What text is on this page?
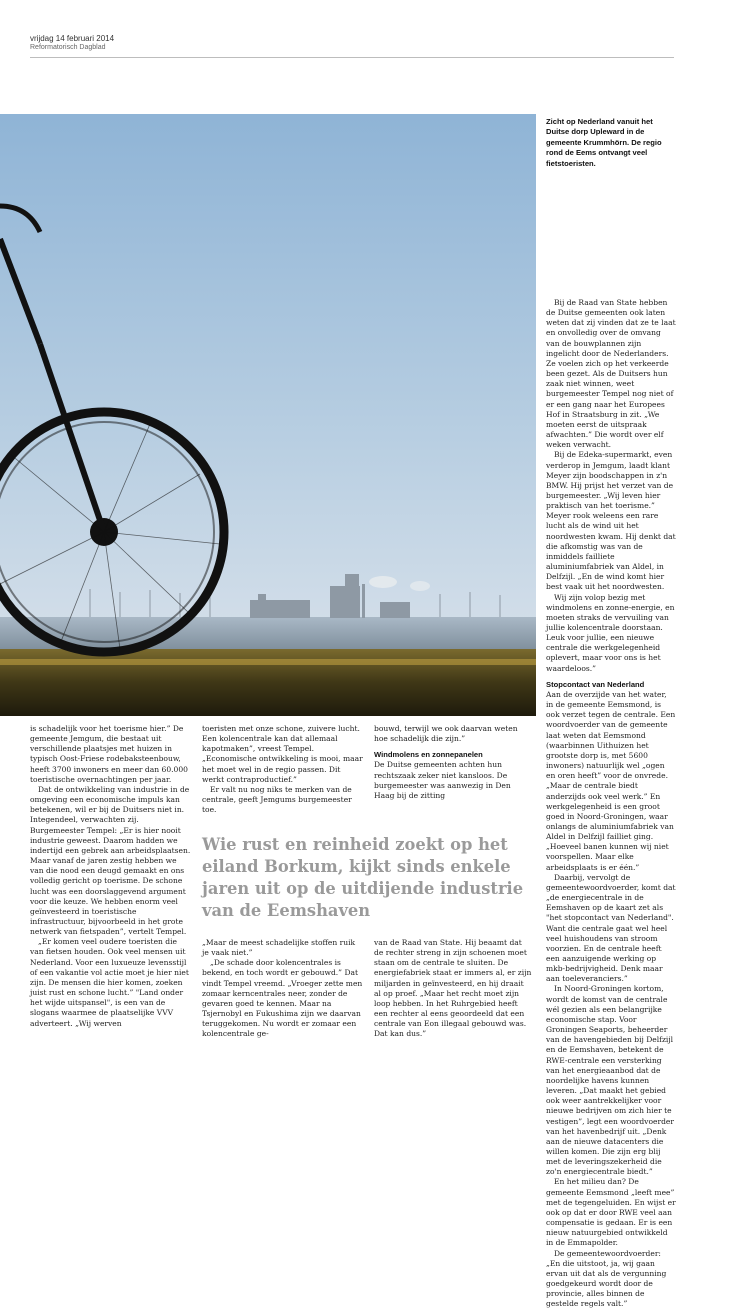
vrijdag 14 februari 2014
Reformatorisch Dagblad
Zicht op Nederland vanuit het Duitse dorp Upleward in de gemeente Krummhörn. De regio rond de Eems ontvangt veel fietstoeristen.

Bij de Raad van State hebben de Duitse gemeenten ook laten weten dat zij vinden dat ze te laat en onvolledig over de omvang van de bouwplannen zijn ingelicht door de Nederlanders. Ze voelen zich op het verkeerde been gezet. Als de Duitsers hun zaak niet winnen, weet burgemeester Tempel nog niet of er een gang naar het Europees Hof in Straatsburg in zit. „We moeten eerst de uitspraak afwachten.” Die wordt over elf weken verwacht.

Bij de Edeka-supermarkt, even verderop in Jemgum, laadt klant Meyer zijn boodschappen in z'n BMW. Hij prijst het verzet van de burgemeester. „Wij leven hier praktisch van het toerisme.” Meyer rook weleens een rare lucht als de wind uit het noordwesten kwam. Hij denkt dat die afkomstig was van de inmiddels failliete aluminiumfabriek van Aldel, in Delfzijl. „En de wind komt hier best vaak uit het noordwesten.

Wij zijn volop bezig met windmolens en zonne-energie, en moeten straks de vervuiling van jullie kolencentrale doorstaan. Leuk voor jullie, een nieuwe centrale die werkgelegenheid oplevert, maar voor ons is het waardeloos.”

Stopcontact van Nederland

Aan de overzijde van het water, in de gemeente Eemsmond, is ook verzet tegen de centrale. Een woordvoerder van de gemeente laat weten dat Eemsmond (waarbinnen Uithuizen het grootste dorp is, met 5600 inwoners) natuurlijk wel „ogen en oren heeft” voor de onvrede. „Maar de centrale biedt anderzijds ook veel werk.” En werkgelegenheid is een groot goed in Noord-Groningen, waar onlangs de aluminiumfabriek van Aldel in Delfzijl failliet ging. „Hoeveel banen kunnen wij niet voorspellen. Maar elke arbeidsplaats is er één.”

Daarbij, vervolgt de gemeentewoordvoerder, komt dat „de energiecentrale in de Eemshaven op de kaart zet als "het stopcontact van Nederland". Want die centrale gaat wel heel veel huishoudens van stroom voorzien. En de centrale heeft een aanzuigende werking op mkb-bedrijvigheid. Denk maar aan toeleveranciers.”

In Noord-Groningen kortom, wordt de komst van de centrale wél gezien als een belangrijke economische stap. Voor Groningen Seaports, beheerder van de havengebieden bij Delfzijl en de Eemshaven, betekent de RWE-centrale een versterking van het energieaanbod dat de noordelijke havens kunnen leveren. „Dat maakt het gebied ook weer aantrekkelijker voor nieuwe bedrijven om zich hier te vestigen”, legt een woordvoerder van het havenbedrijf uit. „Denk aan de nieuwe datacenters die willen komen. Die zijn erg blij met de leveringszekerheid die zo'n energiecentrale biedt.”

En het milieu dan? De gemeente Eemsmond „leeft mee” met de tegengeluiden. En wijst er ook op dat er door RWE veel aan compensatie is gedaan. Er is een nieuw natuurgebied ontwikkeld in de Emmapolder.

De gemeentewoordvoerder: „En die uitstoot, ja, wij gaan ervan uit dat als de vergunning goedgekeurd wordt door de provincie, alles binnen de gestelde regels valt.”

is schadelijk voor het toerisme hier.” De gemeente Jemgum, die bestaat uit verschillende plaatsjes met huizen in typisch Oost-Friese rodebaksteenbouw, heeft 3700 inwoners en meer dan 60.000 toeristische overnachtingen per jaar.

Dat de ontwikkeling van industrie in de omgeving een economische impuls kan betekenen, wil er bij de Duitsers niet in. Integendeel, verwachten zij. Burgemeester Tempel: „Er is hier nooit industrie geweest. Daarom hadden we indertijd een gebrek aan arbeidsplaatsen. Maar vanaf de jaren zestig hebben we van die nood een deugd gemaakt en ons volledig gericht op toerisme. De schone lucht was een doorslaggevend argument voor die keuze. We hebben enorm veel geïnvesteerd in toeristische infrastructuur, bijvoorbeeld in het grote netwerk van fietspaden”, vertelt Tempel.

„Er komen veel oudere toeristen die van fietsen houden. Ook veel mensen uit Nederland. Voor een luxueuze levensstijl of een vakantie vol actie moet je hier niet zijn. De mensen die hier komen, zoeken juist rust en schone lucht.” "Land onder het wijde uitspansel", is een van de slogans waarmee de plaatselijke VVV adverteert. „Wij werven

toeristen met onze schone, zuivere lucht. Een kolencentrale kan dat allemaal kapotmaken”, vreest Tempel. „Economische ontwikkeling is mooi, maar het moet wel in de regio passen. Dit werkt contraproductief.”

Er valt nu nog niks te merken van de centrale, geeft Jemgums burgemeester toe.

bouwd, terwijl we ook daarvan weten hoe schadelijk die zijn.”

Windmolens en zonnepanelen

De Duitse gemeenten achten hun rechtszaak zeker niet kansloos. De burgemeester was aanwezig in Den Haag bij de zitting

Wie rust en reinheid zoekt op het eiland Borkum, kijkt sinds enkele jaren uit op de uitdijende industrie van de Eemshaven

„Maar de meest schadelijke stoffen ruik je vaak niet.”

„De schade door kolencentrales is bekend, en toch wordt er gebouwd.” Dat vindt Tempel vreemd. „Vroeger zette men zomaar kerncentrales neer, zonder de gevaren goed te kennen. Maar na Tsjernobyl en Fukushima zijn we daarvan teruggekomen. Nu wordt er zomaar een kolencentrale ge-

van de Raad van State. Hij beaamt dat de rechter streng in zijn schoenen moet staan om de centrale te sluiten. De energiefabriek staat er immers al, er zijn miljarden in geïnvesteerd, en hij draait al op proef. „Maar het recht moet zijn loop hebben. In het Ruhrgebied heeft een rechter al eens geoordeeld dat een centrale van Eon illegaal gebouwd was. Dat kan dus.”
